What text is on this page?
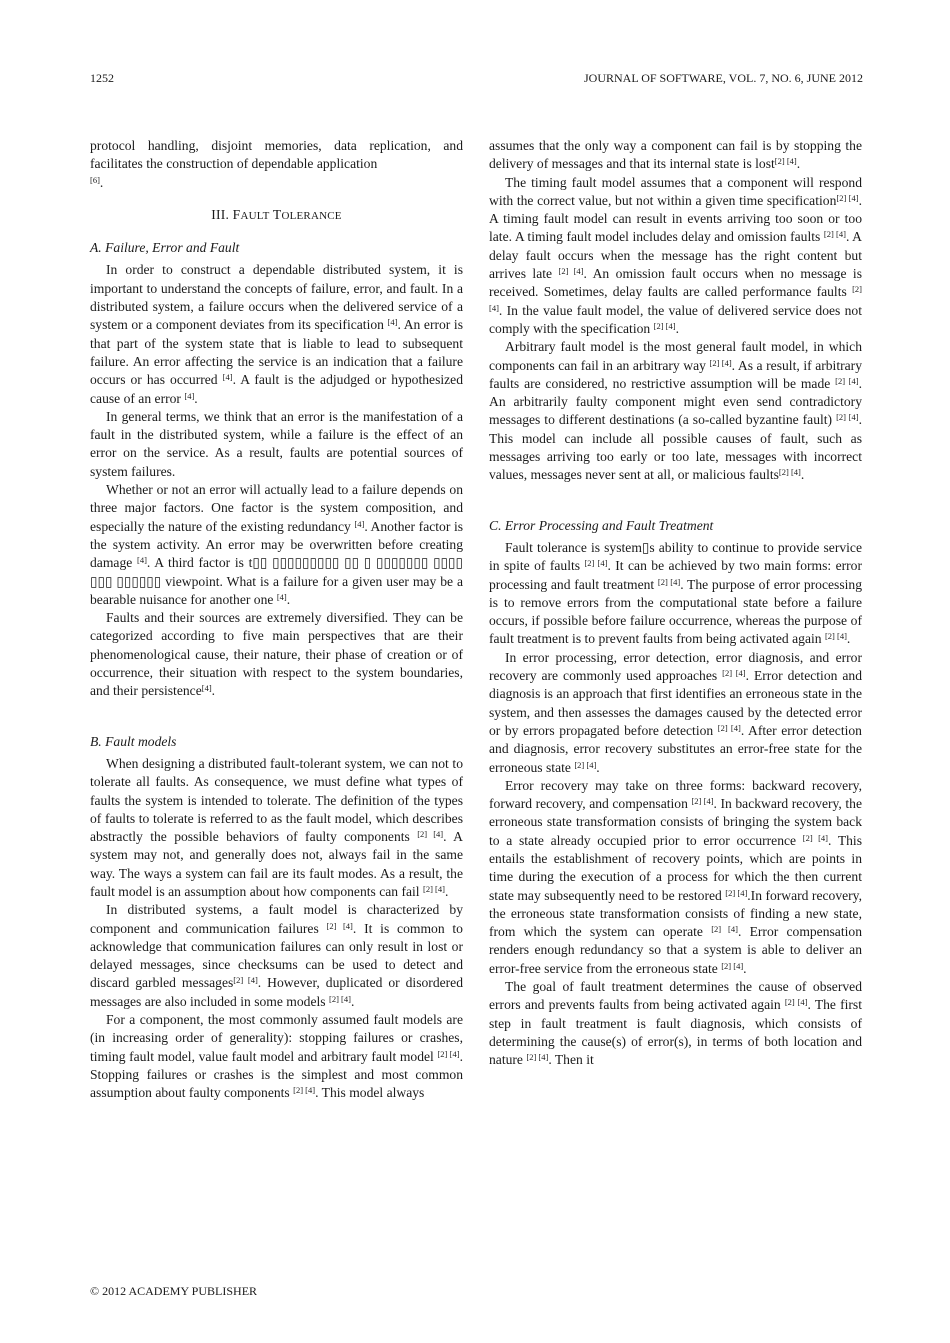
1252	JOURNAL OF SOFTWARE, VOL. 7, NO. 6, JUNE 2012

protocol handling, disjoint memories, data replication, and facilitates the construction of dependable application
[6].

III. FAULT TOLERANCE
A. Failure, Error and Fault

In order to construct a dependable distributed system, it is important to understand the concepts of failure, error, and fault. In a distributed system, a failure occurs when the delivered service of a system or a component deviates from its specification [4]. An error is that part of the system state that is liable to lead to subsequent failure. An error affecting the service is an indication that a failure occurs or has occurred [4]. A fault is the adjudged or hypothesized cause of an error [4].

In general terms, we think that an error is the manifestation of a fault in the distributed system, while a failure is the effect of an error on the service. As a result, faults are potential sources of system failures.

Whether or not an error will actually lead to a failure depends on three major factors. One factor is the system composition, and especially the nature of the existing redundancy [4]. Another factor is the system activity. An error may be overwritten before creating damage [4]. A third factor is t▯▯ ▯▯▯▯▯▯▯▯▯ ▯▯ ▯ ▯▯▯▯▯▯▯ ▯▯▯▯ ▯▯▯ ▯▯▯▯▯▯ viewpoint. What is a failure for a given user may be a bearable nuisance for another one [4].

Faults and their sources are extremely diversified. They can be categorized according to five main perspectives that are their phenomenological cause, their nature, their phase of creation or of occurrence, their situation with respect to the system boundaries, and their persistence[4].

B. Fault models

When designing a distributed fault-tolerant system, we can not to tolerate all faults. As consequence, we must define what types of faults the system is intended to tolerate. The definition of the types of faults to tolerate is referred to as the fault model, which describes abstractly the possible behaviors of faulty components [2] [4]. A system may not, and generally does not, always fail in the same way. The ways a system can fail are its fault modes. As a result, the fault model is an assumption about how components can fail [2] [4].

In distributed systems, a fault model is characterized by component and communication failures [2] [4]. It is common to acknowledge that communication failures can only result in lost or delayed messages, since checksums can be used to detect and discard garbled messages[2] [4]. However, duplicated or disordered messages are also included in some models [2] [4].

For a component, the most commonly assumed fault models are (in increasing order of generality): stopping failures or crashes, timing fault model, value fault model and arbitrary fault model [2] [4]. Stopping failures or crashes is the simplest and most common assumption about faulty components [2] [4]. This model always

assumes that the only way a component can fail is by stopping the delivery of messages and that its internal state is lost[2] [4].

The timing fault model assumes that a component will respond with the correct value, but not within a given time specification[2] [4]. A timing fault model can result in events arriving too soon or too late. A timing fault model includes delay and omission faults [2] [4]. A delay fault occurs when the message has the right content but arrives late [2] [4]. An omission fault occurs when no message is received. Sometimes, delay faults are called performance faults [2] [4]. In the value fault model, the value of delivered service does not comply with the specification [2] [4].

Arbitrary fault model is the most general fault model, in which components can fail in an arbitrary way [2] [4]. As a result, if arbitrary faults are considered, no restrictive assumption will be made [2] [4]. An arbitrarily faulty component might even send contradictory messages to different destinations (a so-called byzantine fault) [2] [4]. This model can include all possible causes of fault, such as messages arriving too early or too late, messages with incorrect values, messages never sent at all, or malicious faults[2] [4].

C. Error Processing and Fault Treatment

Fault tolerance is system▯s ability to continue to provide service in spite of faults [2] [4]. It can be achieved by two main forms: error processing and fault treatment [2] [4]. The purpose of error processing is to remove errors from the computational state before a failure occurs, if possible before failure occurrence, whereas the purpose of fault treatment is to prevent faults from being activated again [2] [4].

In error processing, error detection, error diagnosis, and error recovery are commonly used approaches [2] [4]. Error detection and diagnosis is an approach that first identifies an erroneous state in the system, and then assesses the damages caused by the detected error or by errors propagated before detection [2] [4]. After error detection and diagnosis, error recovery substitutes an error-free state for the erroneous state [2] [4].

Error recovery may take on three forms: backward recovery, forward recovery, and compensation [2] [4]. In backward recovery, the erroneous state transformation consists of bringing the system back to a state already occupied prior to error occurrence [2] [4]. This entails the establishment of recovery points, which are points in time during the execution of a process for which the then current state may subsequently need to be restored [2] [4].In forward recovery, the erroneous state transformation consists of finding a new state, from which the system can operate [2] [4]. Error compensation renders enough redundancy so that a system is able to deliver an error-free service from the erroneous state [2] [4].

The goal of fault treatment determines the cause of observed errors and prevents faults from being activated again [2] [4]. The first step in fault treatment is fault diagnosis, which consists of determining the cause(s) of error(s), in terms of both location and nature [2] [4]. Then it

© 2012 ACADEMY PUBLISHER
